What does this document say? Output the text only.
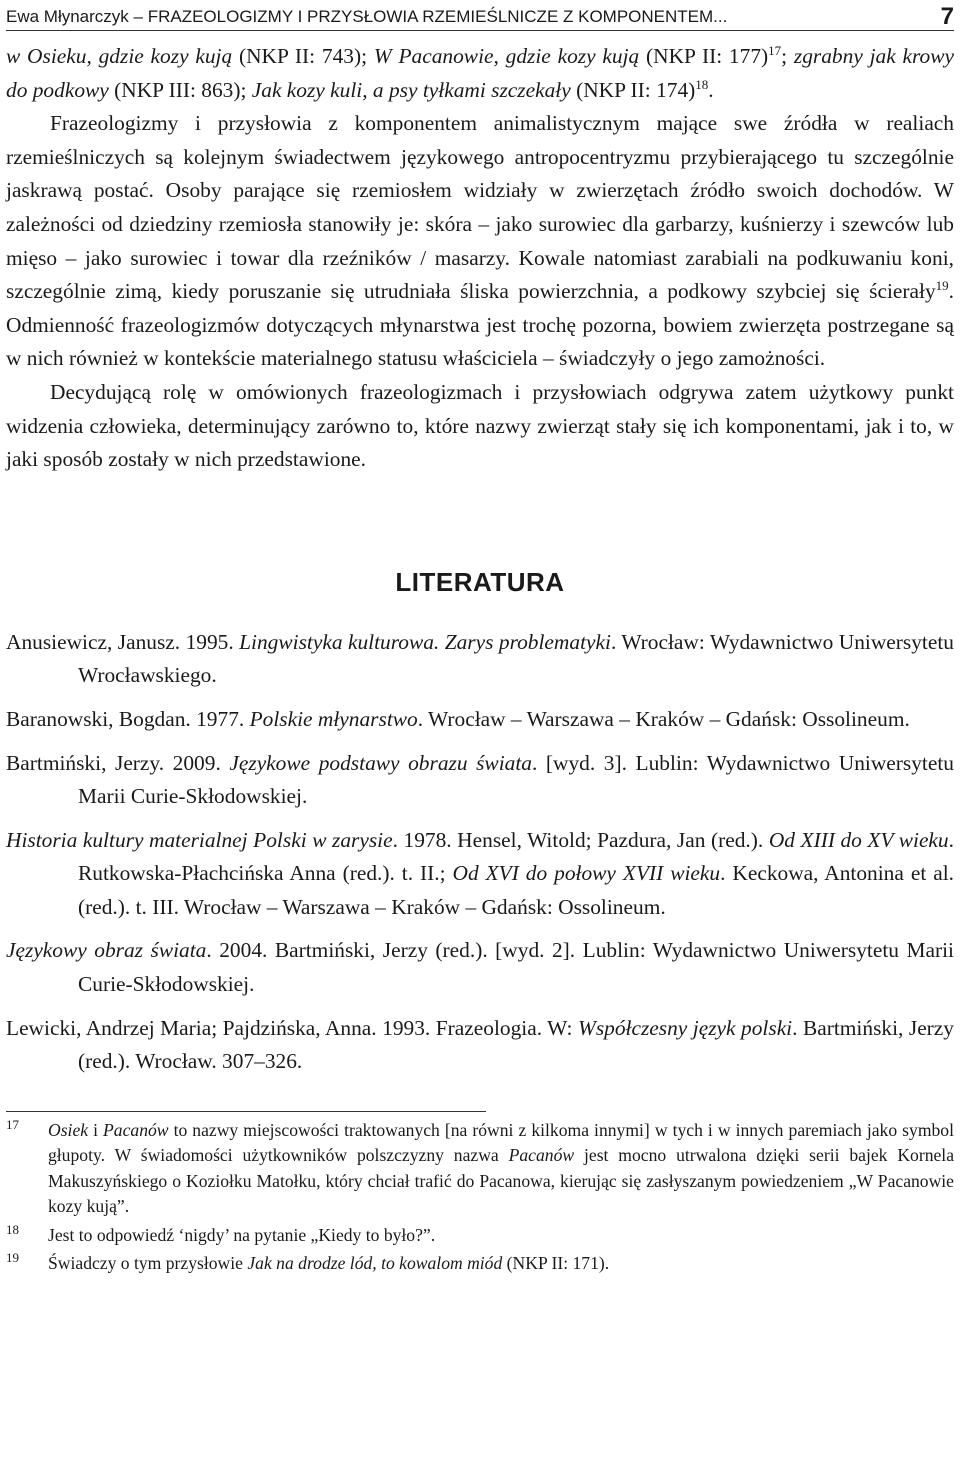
Ewa Młynarczyk – FRAZEOLOGIZMY I PRZYSŁOWIA RZEMIEŚLNICZE Z KOMPONENTEM...	7

w Osieku, gdzie kozy kują (NKP II: 743); W Pacanowie, gdzie kozy kują (NKP II: 177)$^{17}$; zgrabny jak krowy do podkowy (NKP III: 863); Jak kozy kuli, a psy tyłkami szczekały (NKP II: 174)$^{18}$.

Frazeologizmy i przysłowia z komponentem animalistycznym mające swe źródła w realiach rzemieślniczych są kolejnym świadectwem językowego antropocentryzmu przybierającego tu szczególnie jaskrawą postać. Osoby parające się rzemiosłem widziały w zwierzętach źródło swoich dochodów. W zależności od dziedziny rzemiosła stanowiły je: skóra – jako surowiec dla garbarzy, kuśnierzy i szewców lub mięso – jako surowiec i towar dla rzeźników / masarzy. Kowale natomiast zarabiali na podkuwaniu koni, szczególnie zimą, kiedy poruszanie się utrudniała śliska powierzchnia, a podkowy szybciej się ścierały$^{19}$. Odmienność frazeologizmów dotyczących młynarstwa jest trochę pozorna, bowiem zwierzęta postrzegane są w nich również w kontekście materialnego statusu właściciela – świadczyły o jego zamożności.

Decydującą rolę w omówionych frazeologizmach i przysłowiach odgrywa zatem użytkowy punkt widzenia człowieka, determinujący zarówno to, które nazwy zwierząt stały się ich komponentami, jak i to, w jaki sposób zostały w nich przedstawione.

LITERATURA

Anusiewicz, Janusz. 1995. Lingwistyka kulturowa. Zarys problematyki. Wrocław: Wydawnictwo Uniwersytetu Wrocławskiego.

Baranowski, Bogdan. 1977. Polskie młynarstwo. Wrocław – Warszawa – Kraków – Gdańsk: Ossolineum.

Bartmiński, Jerzy. 2009. Językowe podstawy obrazu świata. [wyd. 3]. Lublin: Wydawnictwo Uniwersytetu Marii Curie-Skłodowskiej.

Historia kultury materialnej Polski w zarysie. 1978. Hensel, Witold; Pazdura, Jan (red.). Od XIII do XV wieku. Rutkowska-Płachcińska Anna (red.). t. II.; Od XVI do połowy XVII wieku. Keckowa, Antonina et al. (red.). t. III. Wrocław – Warszawa – Kraków – Gdańsk: Ossolineum.

Językowy obraz świata. 2004. Bartmiński, Jerzy (red.). [wyd. 2]. Lublin: Wydawnictwo Uniwersytetu Marii Curie-Skłodowskiej.

Lewicki, Andrzej Maria; Pajdzińska, Anna. 1993. Frazeologia. W: Współczesny język polski. Bartmiński, Jerzy (red.). Wrocław. 307–326.

17 Osiek i Pacanów to nazwy miejscowości traktowanych [na równi z kilkoma innymi] w tych i w innych paremiach jako symbol głupoty. W świadomości użytkowników polszczyzny nazwa Pacanów jest mocno utrwalona dzięki serii bajek Kornela Makuszyńskiego o Koziołku Matołku, który chciał trafić do Pacanowa, kierując się zasłyszanym powiedzeniem „W Pacanowie kozy kują”.
18 Jest to odpowiedź ‘nigdy’ na pytanie „Kiedy to było?”.
19 Świadczy o tym przysłowie Jak na drodze lód, to kowalom miód (NKP II: 171).
